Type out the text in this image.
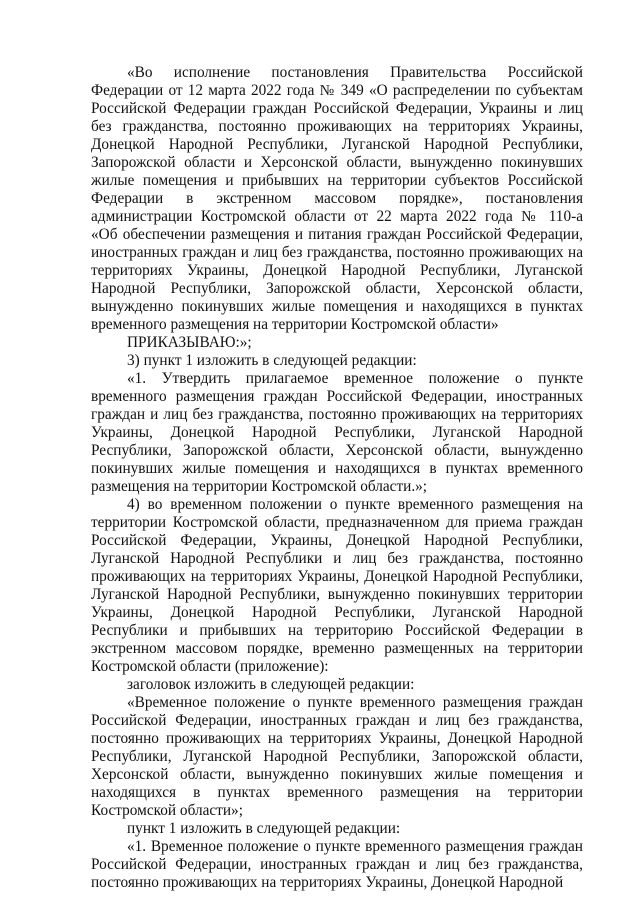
«Во исполнение постановления Правительства Российской
Федерации от 12 марта 2022 года № 349 «О распределении по субъектам
Российской Федерации граждан Российской Федерации, Украины и лиц
без гражданства, постоянно проживающих на территориях Украины,
Донецкой Народной Республики, Луганской Народной Республики,
Запорожской области и Херсонской области, вынужденно покинувших
жилые помещения и прибывших на территории субъектов Российской
Федерации в экстренном массовом порядке», постановления
администрации Костромской области от 22 марта 2022 года № 110-а
«Об обеспечении размещения и питания граждан Российской Федерации,
иностранных граждан и лиц без гражданства, постоянно проживающих на
территориях Украины, Донецкой Народной Республики, Луганской
Народной Республики, Запорожской области, Херсонской области,
вынужденно покинувших жилые помещения и находящихся в пунктах
временного размещения на территории Костромской области»
ПРИКАЗЫВАЮ:»;
3) пункт 1 изложить в следующей редакции:
«1. Утвердить прилагаемое временное положение о пункте
временного размещения граждан Российской Федерации, иностранных
граждан и лиц без гражданства, постоянно проживающих на территориях
Украины, Донецкой Народной Республики, Луганской Народной
Республики, Запорожской области, Херсонской области, вынужденно
покинувших жилые помещения и находящихся в пунктах временного
размещения на территории Костромской области.»;
4) во временном положении о пункте временного размещения на
территории Костромской области, предназначенном для приема граждан
Российской Федерации, Украины, Донецкой Народной Республики,
Луганской Народной Республики и лиц без гражданства, постоянно
проживающих на территориях Украины, Донецкой Народной Республики,
Луганской Народной Республики, вынужденно покинувших территории
Украины, Донецкой Народной Республики, Луганской Народной
Республики и прибывших на территорию Российской Федерации в
экстренном массовом порядке, временно размещенных на территории
Костромской области (приложение):
заголовок изложить в следующей редакции:
«Временное положение о пункте временного размещения граждан
Российской Федерации, иностранных граждан и лиц без гражданства,
постоянно проживающих на территориях Украины, Донецкой Народной
Республики, Луганской Народной Республики, Запорожской области,
Херсонской области, вынужденно покинувших жилые помещения и
находящихся в пунктах временного размещения на территории
Костромской области»;
пункт 1 изложить в следующей редакции:
«1. Временное положение о пункте временного размещения граждан
Российской Федерации, иностранных граждан и лиц без гражданства,
постоянно проживающих на территориях Украины, Донецкой Народной
